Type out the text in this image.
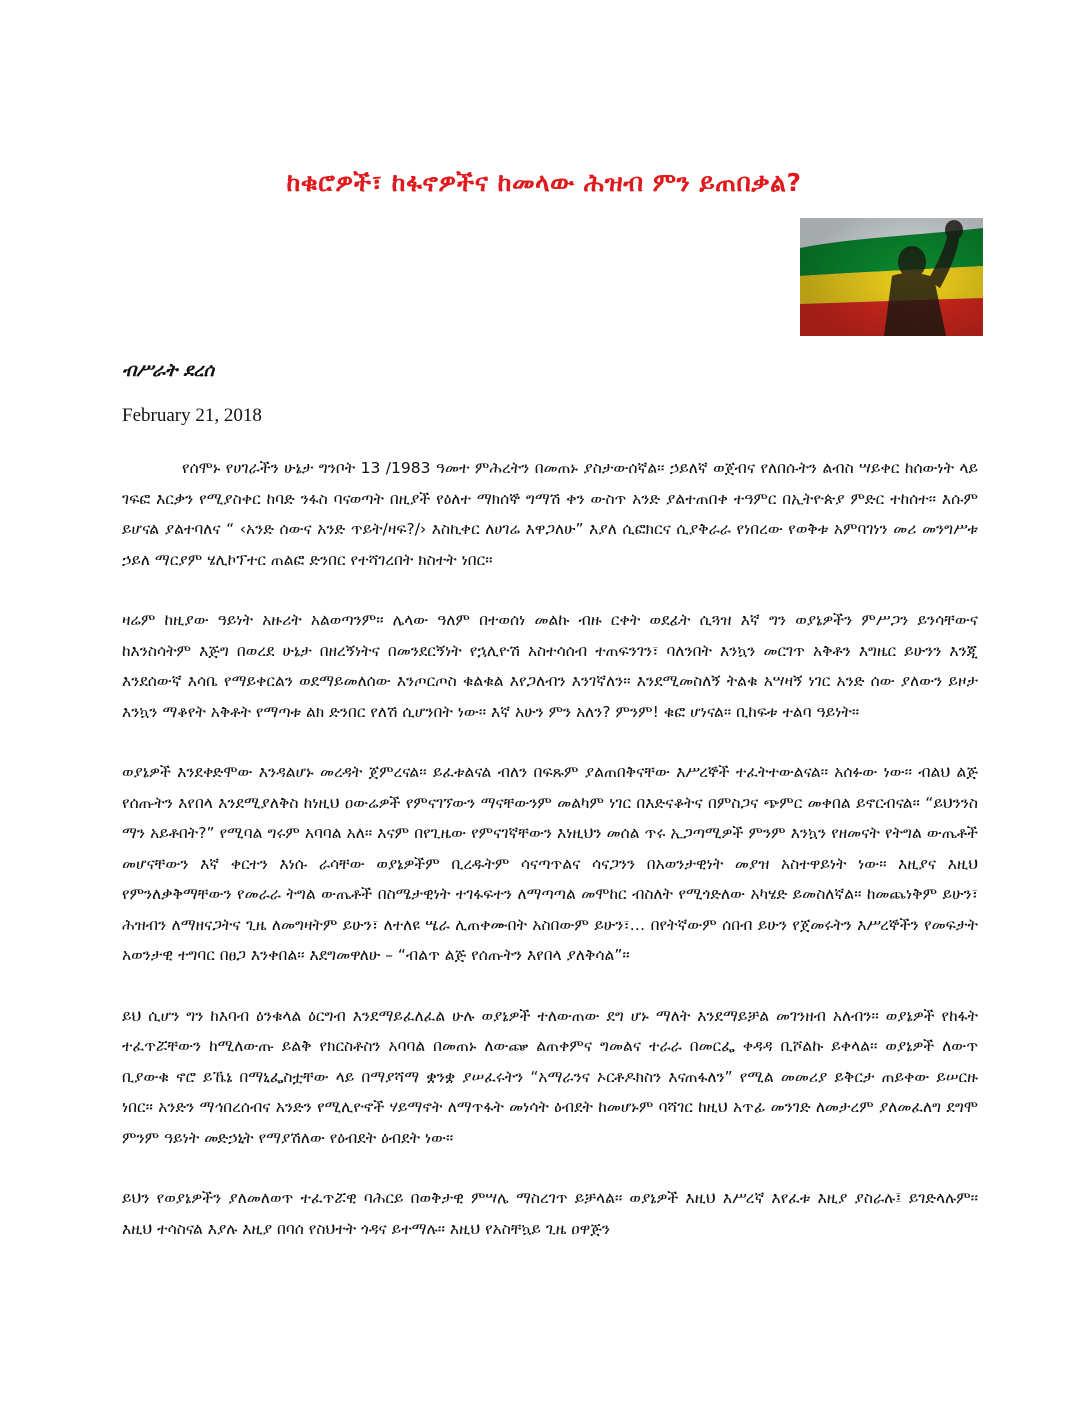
ከቁሮዎች፣ ከፋኖዎችና ከመላው ሕዝብ ምን ይጠበቃል?
ብሥራት ደረሰ
February 21, 2018

የሰሞኑ የሀገራችን ሁኔታ ግንቦት 13 /1983 ዓመተ ምሕረትን በመጠኑ ያስታውሰኛል፡፡ ኃይለኛ ወጀብና የለበሱትን ልብስ ሣይቀር ከሰውነት ላይ ገፍፎ እርቃን የሚያስቀር ከባድ ንፋስ ባናወጣት በዚያች የዕለተ ማክሰኞ ግማሽ ቀን ውስጥ አንድ ያልተጠበቀ ተዓምር በኢትዮጵያ ምድር ተከሰተ፡፡ እሱም ይሆናል ያልተባለና “ ‹አንድ ሰውና አንድ ጥይት/ዛፍ?/› እስኪቀር ለሀገሬ እዋጋለሁ” እያለ ሲፎክርና ሲያቅራራ የነበረው የወቅቱ አምባገነን መሪ መንግሥቱ ኃይለ ማርያም ሄሊኮፕተር ጠልፎ ድንበር የተሻገረበት ክስተት ነበር፡፡

ዛሬም ከዚያው ዓይነት አዙሪት አልወጣንም፡፡ ሌላው ዓለም በተወሰነ መልኩ ብዙ ርቀት ወደፊት ሲጓዝ እኛ ግን ወያኔዎችን ምሥጋን ይንሳቸውና ከእንስሳትም እጅግ በወረደ ሁኔታ በዘረኝነትና በመንደርኝነት የኋሊዮሽ አስተሳሰብ ተጠፍንገን፣ ባለንበት እንኳን መርገጥ አቅቶን እግዜር ይሁንን እንጂ እንደሰውኛ እሳቤ የማይቀርልን ወደማይመለሰው እንጦርጦስ ቁልቁል እየጋለብን እንገኛለን፡፡ እንደሚመስለኝ ትልቁ አሣዛኝ ነገር አንድ ሰው ያለውን ይዞታ እንኳን ማቆየት አቅቶት የማጣቱ ልክ ድንበር የለሽ ሲሆንበት ነው፡፡ እኛ አሁን ምን አለን? ምንም! ቁፎ ሆነናል፡፡ ቢከፍቱ ተልባ ዓይነት፡፡

ወያኔዎች እንደቀድሞው እንዳልሆኑ መረዳት ጀምረናል፡፡ ይፈቱልናል ብለን በፍጹም ያልጠበቅናቸው እሥረኞች ተፈትተውልናል፡፡ አሰፉው ነው፡፡ ብልህ ልጅ የሰጡትን እየበላ እንደሚያለቅስ ከነዚህ ዐውሬዎች የምናገኘውን ማናቸውንም መልካም ነገር በእድናቆትና በምስጋና ጭምር መቀበል ይኖርብናል፡፡ “ይህንንስ ማን አይቶበት?” የሚባል ግሩም አባባል አለ፡፡ እናም በየጊዜው የምናገኛቸውን እነዚህን መሰል ጥሩ ኢጋጣሚዎች ምንም እንኳን የዘመናት የትግል ውጤቶች መሆናቸውን እኛ ቀርተን እነሱ ራሳቸው ወያኔዎችም ቢረዱትም ሳናጣጥልና ሳናጋንን በአወንታዊነት መያዝ አስተዋይነት ነው፡፡ እዚያና እዚህ የምንለቃቅማቸውን የመራራ ትግል ውጤቶች በስሜታዊነት ተገፋፍተን ለማጣጣል መሞከር ብስለት የሚጎድለው አካሄድ ይመስለኛል፡፡ ከመጨነቅም ይሁን፣ ሕዝብን ለማዘናጋትና ጊዜ ለመግዛትም ይሁን፣ ለተለዩ ሤራ ሊጠቀሙበት አስበውም ይሁን፣… በየትኛውም ሰበብ ይሁን የጀመሩትን እሥረኞችን የመፍታት አወንታዊ ተግባር በፀጋ እንቀበል፡፡ እደግመዋለሁ – “ብልጥ ልጅ የሰጡትን እየበላ ያለቅሳል”፡፡

ይህ ሲሆን ግን ከእባብ ዕንቁላል ዕርግብ እንደማይፈለፈል ሁሉ ወያኔዎች ተለውጠው ደግ ሆኑ ማለት እንደማይቻል መገንዘብ አለብን፡፡ ወያኔዎች የከፋት ተፈጥሯቸውን ከሚለውጡ ይልቅ የክርስቶስን አባባል በመጠኑ ለውጬ ልጠቀምና ግመልና ተራራ በመርፌ ቀዳዳ ቢሾልኩ ይቀላል፡፡ ወያኔዎች ለውጥ ቢያውቁ ኖሮ ይኼኔ በማኒፌስቷቸው ላይ በማያሻማ ቋንቋ ያሠፈሩትን “አማራንና ኦርቶዶክስን እናጠፋለን” የሚል መመሪያ ይቅርታ ጠይቀው ይሠርዙ ነበር፡፡ አንድን ማኅበረሰብና አንድን የሚሊዮኖች ሃይማኖት ለማጥፋት መነሳት ዕብደት ከመሆኑም ባሻገር ከዚህ አጥፊ መንገድ ለመታረም ያለመፈለግ ደግሞ ምንም ዓይነት መድኃኒት የማያሽለው የዕብደት ዕብደት ነው፡፡

ይህን የወያኔዎችን ያለመለወጥ ተፈጥሯዊ ባሕርይ በወቅታዊ ምሣሌ ማስረገጥ ይቻላል፡፡ ወያኔዎች እዚህ እሥረኛ እየፈቱ እዚያ ያስራሉ፤ ይገድላሉም፡፡ እዚህ ተሳስናል እያሉ እዚያ በባሰ የስህተት ጎዳና ይተማሉ፡፡ እዚህ የአስቸኳይ ጊዜ ዐዋጅን
